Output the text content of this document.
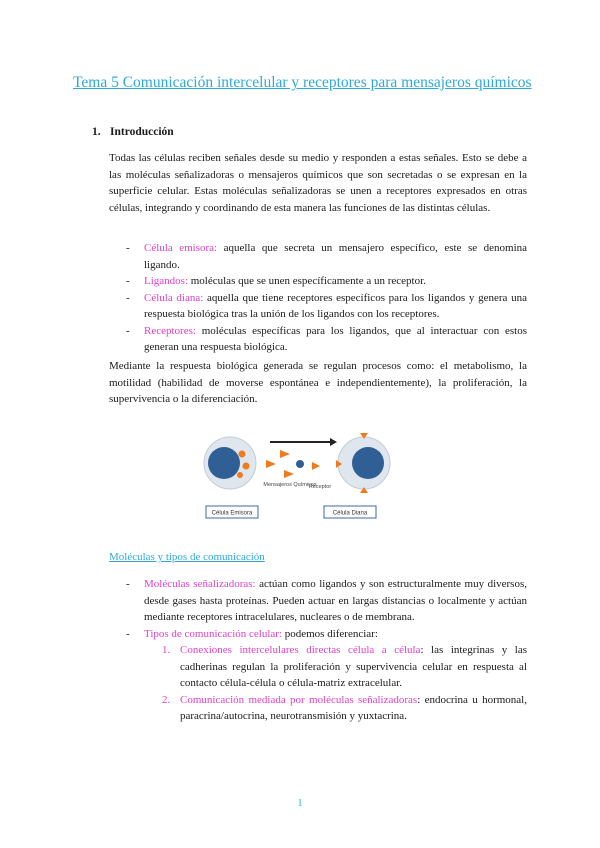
Tema 5 Comunicación intercelular y receptores para mensajeros químicos
1. Introducción
Todas las células reciben señales desde su medio y responden a estas señales. Esto se debe a las moléculas señalizadoras o mensajeros químicos que son secretadas o se expresan en la superficie celular. Estas moléculas señalizadoras se unen a receptores expresados en otras células, integrando y coordinando de esta manera las funciones de las distintas células.
- Célula emisora: aquella que secreta un mensajero específico, este se denomina ligando.
- Ligandos: moléculas que se unen específicamente a un receptor.
- Célula diana: aquella que tiene receptores específicos para los ligandos y genera una respuesta biológica tras la unión de los ligandos con los receptores.
- Receptores: moléculas específicas para los ligandos, que al interactuar con estos generan una respuesta biológica.
Mediante la respuesta biológica generada se regulan procesos como: el metabolismo, la motilidad (habilidad de moverse espontánea e independientemente), la proliferación, la supervivencia o la diferenciación.
Mensajeros Químicos
Receptor
Célula Emisora	Célula Diana
Moléculas y tipos de comunicación
- Moléculas señalizadoras: actúan como ligandos y son estructuralmente muy diversos, desde gases hasta proteínas. Pueden actuar en largas distancias o localmente y actúan mediante receptores intracelulares, nucleares o de membrana.
- Tipos de comunicación celular: podemos diferenciar:
1. Conexiones intercelulares directas célula a célula: las integrinas y las cadherinas regulan la proliferación y supervivencia celular en respuesta al contacto célula-célula o célula-matriz extracelular.
2. Comunicación mediada por moléculas señalizadoras: endocrina u hormonal, paracrina/autocrina, neurotransmisión y yuxtacrina.
1
